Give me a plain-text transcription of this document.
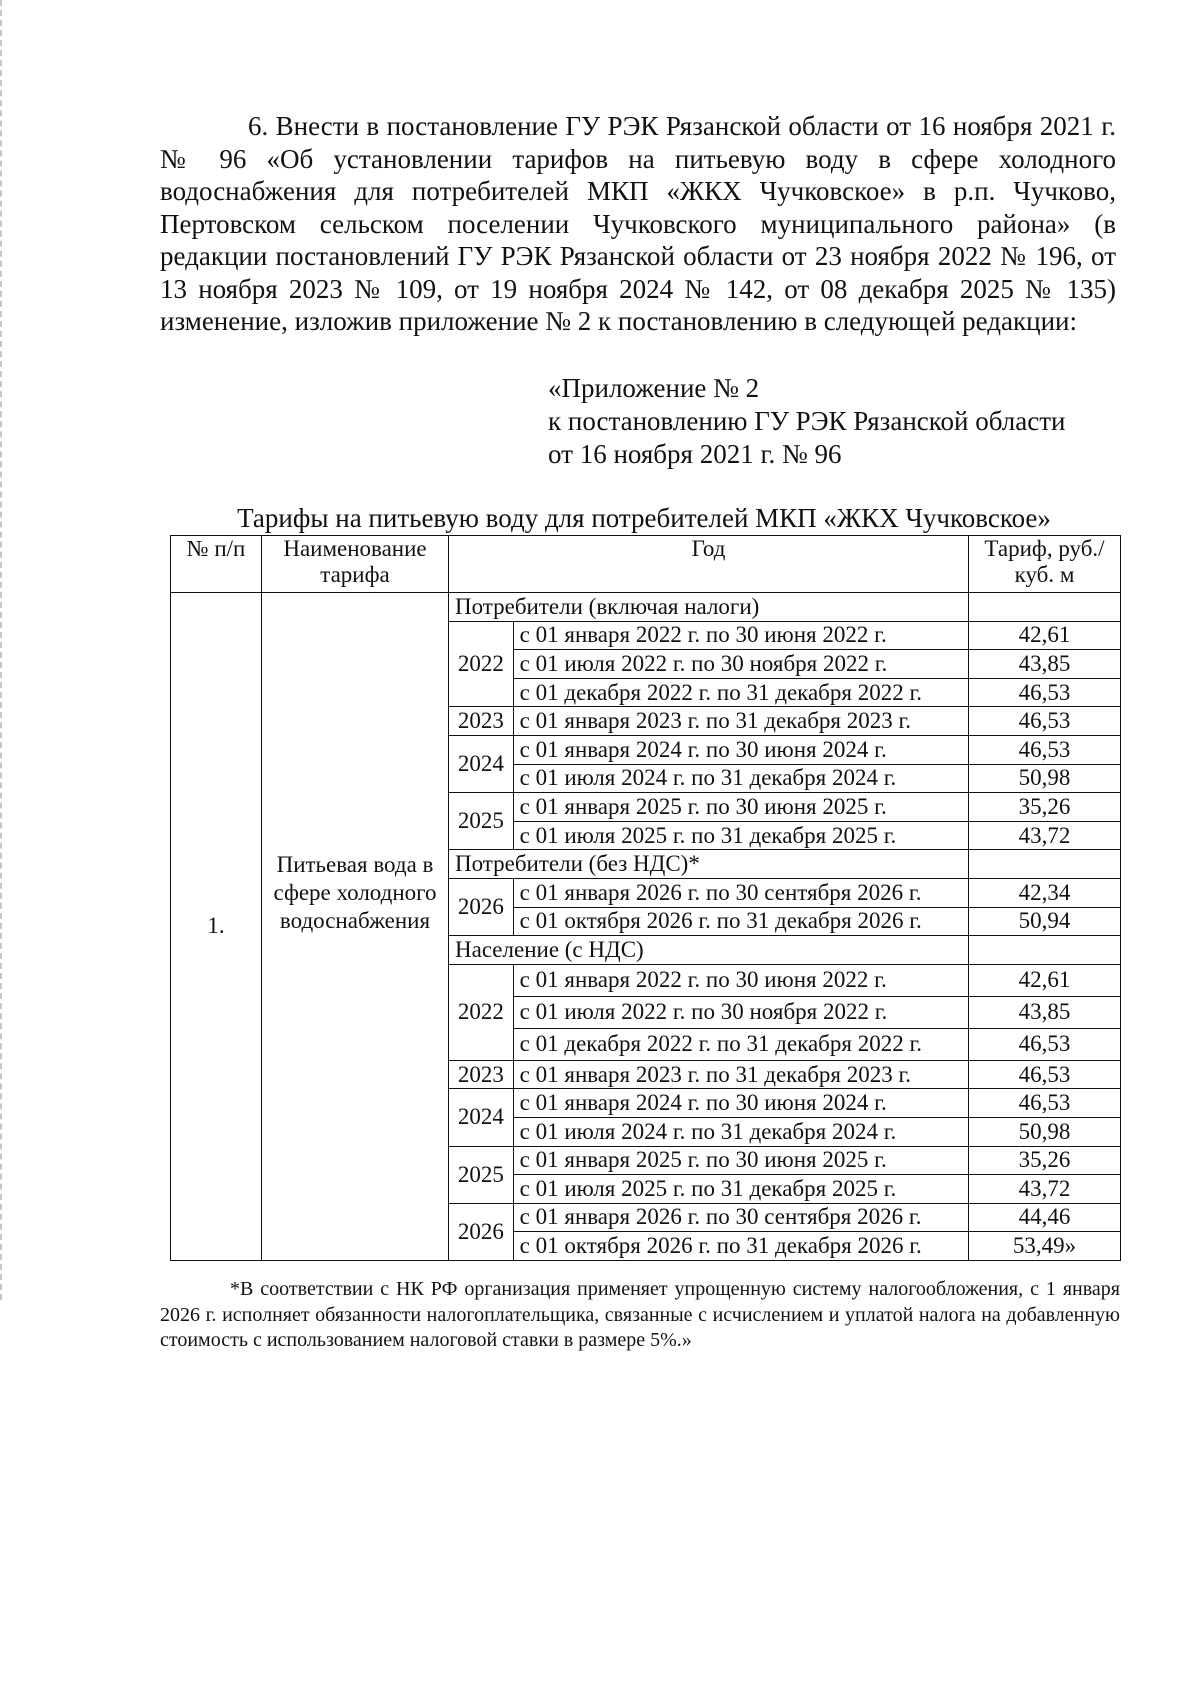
6. Внести в постановление ГУ РЭК Рязанской области от 16 ноября 2021 г. № 96 «Об установлении тарифов на питьевую воду в сфере холодного водоснабжения для потребителей МКП «ЖКХ Чучковское» в р.п. Чучково, Пертовском сельском поселении Чучковского муниципального района» (в редакции постановлений ГУ РЭК Рязанской области от 23 ноября 2022 № 196, от 13 ноября 2023 № 109, от 19 ноября 2024 № 142, от 08 декабря 2025 № 135) изменение, изложив приложение № 2 к постановлению в следующей редакции:
«Приложение № 2
к постановлению ГУ РЭК Рязанской области
от 16 ноября 2021 г. № 96
Тарифы на питьевую воду для потребителей МКП «ЖКХ Чучковское»
№ п/п	Наименование тарифа	Год		Тариф, руб./куб. м
1.	Питьевая вода в сфере холодного водоснабжения	Потребители (включая налоги)		
		2022	с 01 января 2022 г. по 30 июня 2022 г.	42,61
			с 01 июля 2022 г. по 30 ноября 2022 г.	43,85
			с 01 декабря 2022 г. по 31 декабря 2022 г.	46,53
		2023	с 01 января 2023 г. по 31 декабря 2023 г.	46,53
		2024	с 01 января 2024 г. по 30 июня 2024 г.	46,53
			с 01 июля 2024 г. по 31 декабря 2024 г.	50,98
		2025	с 01 января 2025 г. по 30 июня 2025 г.	35,26
			с 01 июля 2025 г. по 31 декабря 2025 г.	43,72
		Потребители (без НДС)*		
		2026	с 01 января 2026 г. по 30 сентября 2026 г.	42,34
			с 01 октября 2026 г. по 31 декабря 2026 г.	50,94
		Население (с НДС)		
		2022	с 01 января 2022 г. по 30 июня 2022 г.	42,61
			с 01 июля 2022 г. по 30 ноября 2022 г.	43,85
			с 01 декабря 2022 г. по 31 декабря 2022 г.	46,53
		2023	с 01 января 2023 г. по 31 декабря 2023 г.	46,53
		2024	с 01 января 2024 г. по 30 июня 2024 г.	46,53
			с 01 июля 2024 г. по 31 декабря 2024 г.	50,98
		2025	с 01 января 2025 г. по 30 июня 2025 г.	35,26
			с 01 июля 2025 г. по 31 декабря 2025 г.	43,72
		2026	с 01 января 2026 г. по 30 сентября 2026 г.	44,46
			с 01 октября 2026 г. по 31 декабря 2026 г.	53,49»
*В соответствии с НК РФ организация применяет упрощенную систему налогообложения, с 1 января 2026 г. исполняет обязанности налогоплательщика, связанные с исчислением и уплатой налога на добавленную стоимость с использованием налоговой ставки в размере 5%.»
